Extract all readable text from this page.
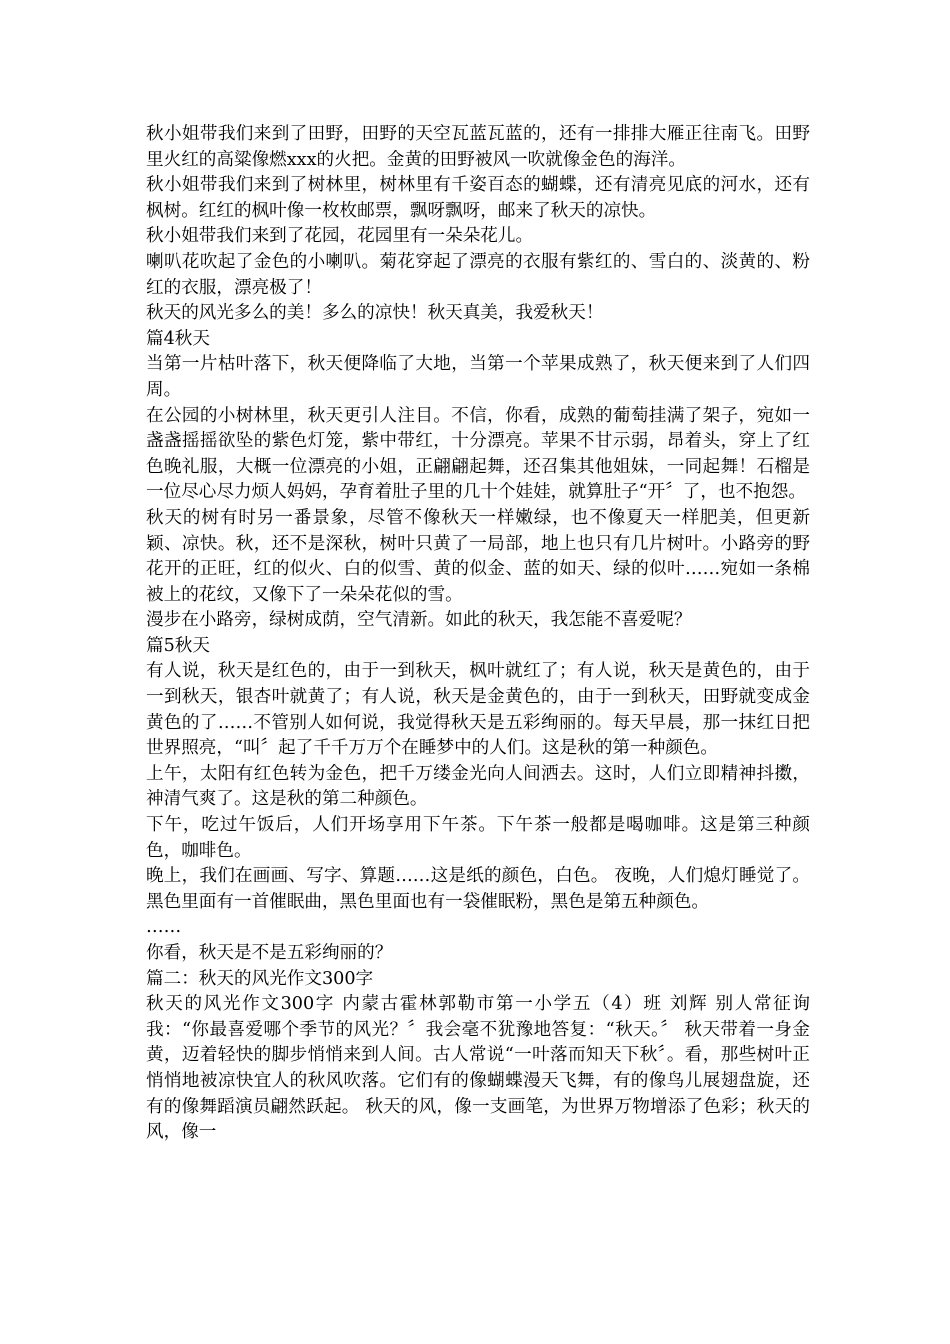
秋小姐带我们来到了田野，田野的天空瓦蓝瓦蓝的，还有一排排大雁正往南飞。田野里火红的高粱像燃xxx的火把。金黄的田野被风一吹就像金色的海洋。

秋小姐带我们来到了树林里，树林里有千姿百态的蝴蝶，还有清亮见底的河水，还有枫树。红红的枫叶像一枚枚邮票，飘呀飘呀，邮来了秋天的凉快。

秋小姐带我们来到了花园，花园里有一朵朵花儿。

喇叭花吹起了金色的小喇叭。菊花穿起了漂亮的衣服有紫红的、雪白的、淡黄的、粉红的衣服，漂亮极了！

秋天的风光多么的美！多么的凉快！秋天真美，我爱秋天！

篇4秋天

当第一片枯叶落下，秋天便降临了大地，当第一个苹果成熟了，秋天便来到了人们四周。

在公园的小树林里，秋天更引人注目。不信，你看，成熟的葡萄挂满了架子，宛如一盏盏摇摇欲坠的紫色灯笼，紫中带红，十分漂亮。苹果不甘示弱，昂着头，穿上了红色晚礼服，大概一位漂亮的小姐，正翩翩起舞，还召集其他姐妹，一同起舞！石榴是一位尽心尽力烦人妈妈，孕育着肚子里的几十个娃娃，就算肚子“开〞了，也不抱怨。

秋天的树有时另一番景象，尽管不像秋天一样嫩绿，也不像夏天一样肥美，但更新颖、凉快。秋，还不是深秋，树叶只黄了一局部，地上也只有几片树叶。小路旁的野花开的正旺，红的似火、白的似雪、黄的似金、蓝的如天、绿的似叶……宛如一条棉被上的花纹，又像下了一朵朵花似的雪。

漫步在小路旁，绿树成荫，空气清新。如此的秋天，我怎能不喜爱呢？

篇5秋天

有人说，秋天是红色的，由于一到秋天，枫叶就红了；有人说，秋天是黄色的，由于一到秋天，银杏叶就黄了；有人说，秋天是金黄色的，由于一到秋天，田野就变成金黄色的了……不管别人如何说，我觉得秋天是五彩绚丽的。每天早晨，那一抹红日把世界照亮，“叫〞起了千千万万个在睡梦中的人们。这是秋的第一种颜色。

上午，太阳有红色转为金色，把千万缕金光向人间洒去。这时，人们立即精神抖擞，神清气爽了。这是秋的第二种颜色。

下午，吃过午饭后，人们开场享用下午茶。下午茶一般都是喝咖啡。这是第三种颜色，咖啡色。

晚上，我们在画画、写字、算题……这是纸的颜色，白色。 夜晚，人们熄灯睡觉了。黑色里面有一首催眠曲，黑色里面也有一袋催眠粉，黑色是第五种颜色。

……

你看，秋天是不是五彩绚丽的？

篇二：秋天的风光作文300字

秋天的风光作文300字 内蒙古霍林郭勒市第一小学五（4）班 刘辉 别人常征询我：“你最喜爱哪个季节的风光？〞我会毫不犹豫地答复：“秋天。〞 秋天带着一身金黄，迈着轻快的脚步悄悄来到人间。古人常说“一叶落而知天下秋〞。看，那些树叶正悄悄地被凉快宜人的秋风吹落。它们有的像蝴蝶漫天飞舞，有的像鸟儿展翅盘旋，还有的像舞蹈演员翩然跃起。 秋天的风，像一支画笔，为世界万物增添了色彩；秋天的风，像一
